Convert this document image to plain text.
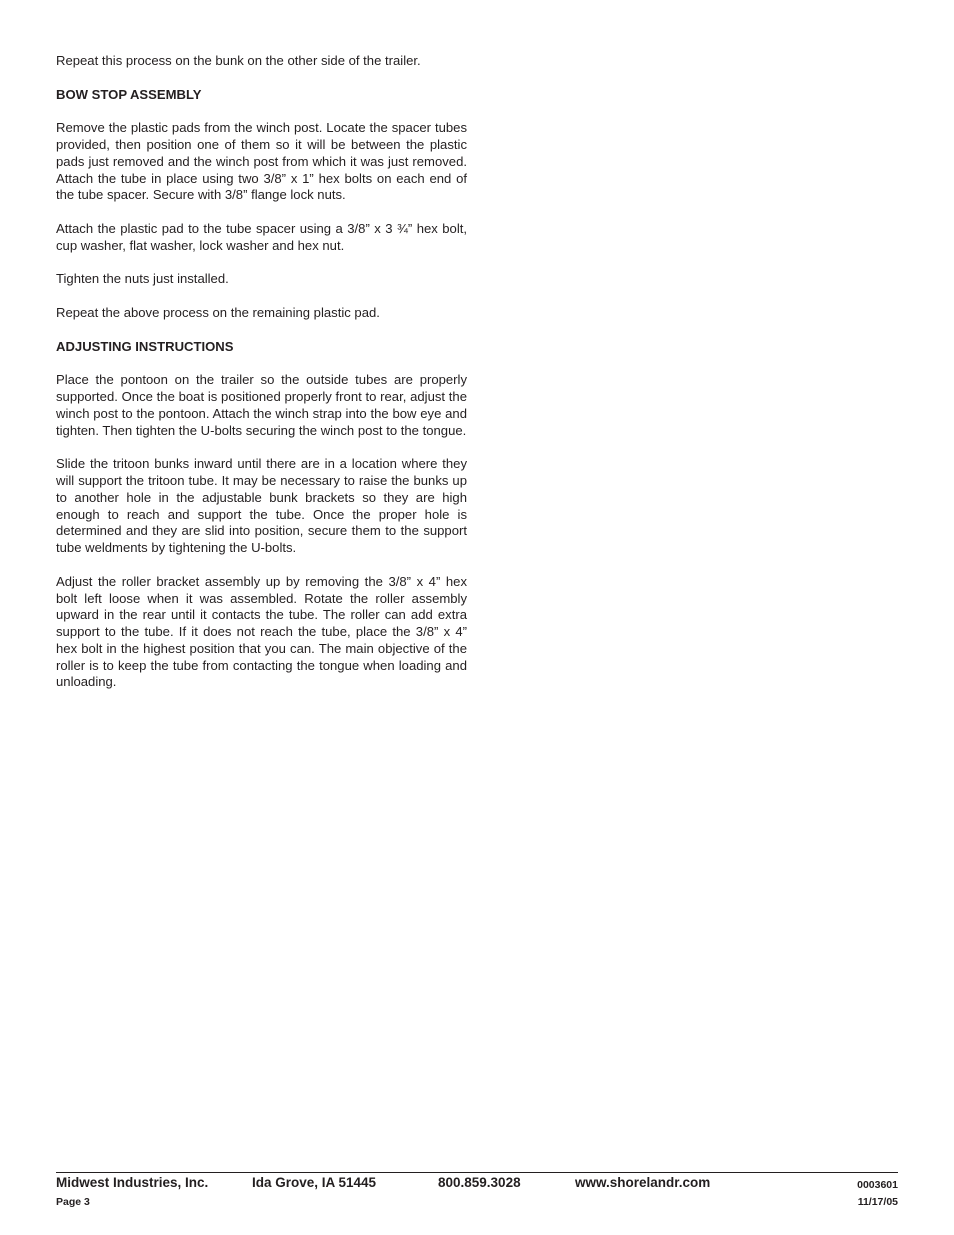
Repeat this process on the bunk on the other side of the trailer.

BOW STOP ASSEMBLY

Remove the plastic pads from the winch post. Locate the spacer tubes provided, then position one of them so it will be between the plastic pads just removed and the winch post from which it was just removed. Attach the tube in place using two 3/8” x 1” hex bolts on each end of the tube spacer. Secure with 3/8” flange lock nuts.

Attach the plastic pad to the tube spacer using a 3/8” x 3 ¾” hex bolt, cup washer, flat washer, lock washer and hex nut.

Tighten the nuts just installed.

Repeat the above process on the remaining plastic pad.

ADJUSTING INSTRUCTIONS

Place the pontoon on the trailer so the outside tubes are properly supported. Once the boat is positioned properly front to rear, adjust the winch post to the pontoon. Attach the winch strap into the bow eye and tighten. Then tighten the U-bolts securing the winch post to the tongue.

Slide the tritoon bunks inward until there are in a location where they will support the tritoon tube. It may be necessary to raise the bunks up to another hole in the adjustable bunk brackets so they are high enough to reach and support the tube. Once the proper hole is determined and they are slid into position, secure them to the support tube weldments by tightening the U-bolts.

Adjust the roller bracket assembly up by removing the 3/8” x 4” hex bolt left loose when it was assembled. Rotate the roller assembly upward in the rear until it contacts the tube. The roller can add extra support to the tube. If it does not reach the tube, place the 3/8” x 4” hex bolt in the highest position that you can. The main objective of the roller is to keep the tube from contacting the tongue when loading and unloading.

Midwest Industries, Inc.	Ida Grove, IA 51445	800.859.3028	www.shorelandr.com
Page 3
0003601
11/17/05
